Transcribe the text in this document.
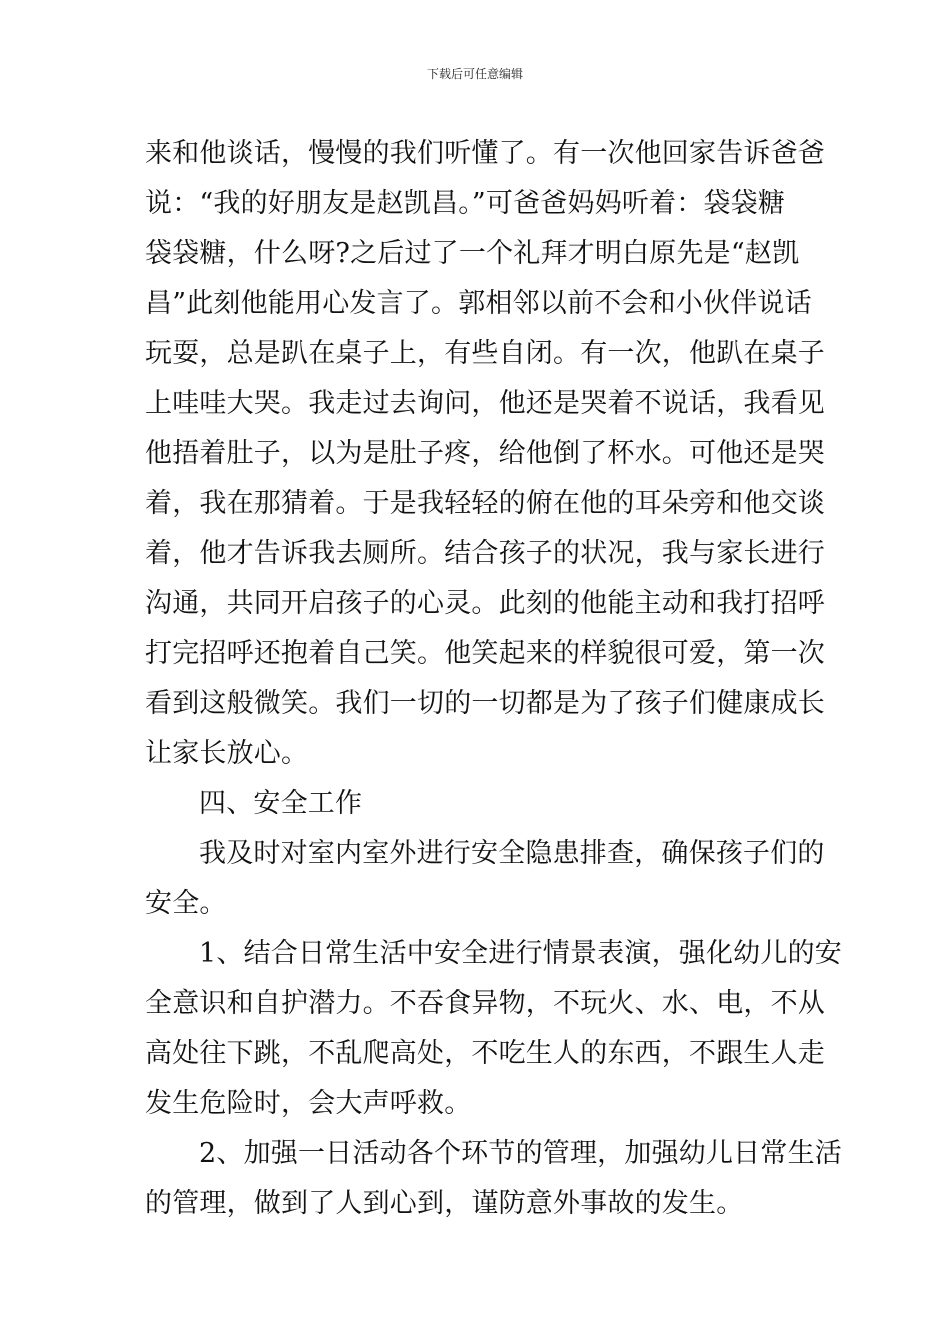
下载后可任意编辑
来和他谈话，慢慢的我们听懂了。有一次他回家告诉爸爸
说：“我的好朋友是赵凯昌。”可爸爸妈妈听着：袋袋糖
袋袋糖，什么呀?之后过了一个礼拜才明白原先是“赵凯
昌”此刻他能用心发言了。郭相邻以前不会和小伙伴说话
玩耍，总是趴在桌子上，有些自闭。有一次，他趴在桌子
上哇哇大哭。我走过去询问，他还是哭着不说话，我看见
他捂着肚子，以为是肚子疼，给他倒了杯水。可他还是哭
着，我在那猜着。于是我轻轻的俯在他的耳朵旁和他交谈
着，他才告诉我去厕所。结合孩子的状况，我与家长进行
沟通，共同开启孩子的心灵。此刻的他能主动和我打招呼
打完招呼还抱着自己笑。他笑起来的样貌很可爱，第一次
看到这般微笑。我们一切的一切都是为了孩子们健康成长
让家长放心。
四、安全工作
我及时对室内室外进行安全隐患排查，确保孩子们的
安全。
1、结合日常生活中安全进行情景表演，强化幼儿的安
全意识和自护潜力。不吞食异物，不玩火、水、电，不从
高处往下跳，不乱爬高处，不吃生人的东西，不跟生人走
发生危险时，会大声呼救。
2、加强一日活动各个环节的管理，加强幼儿日常生活
的管理，做到了人到心到，谨防意外事故的发生。
